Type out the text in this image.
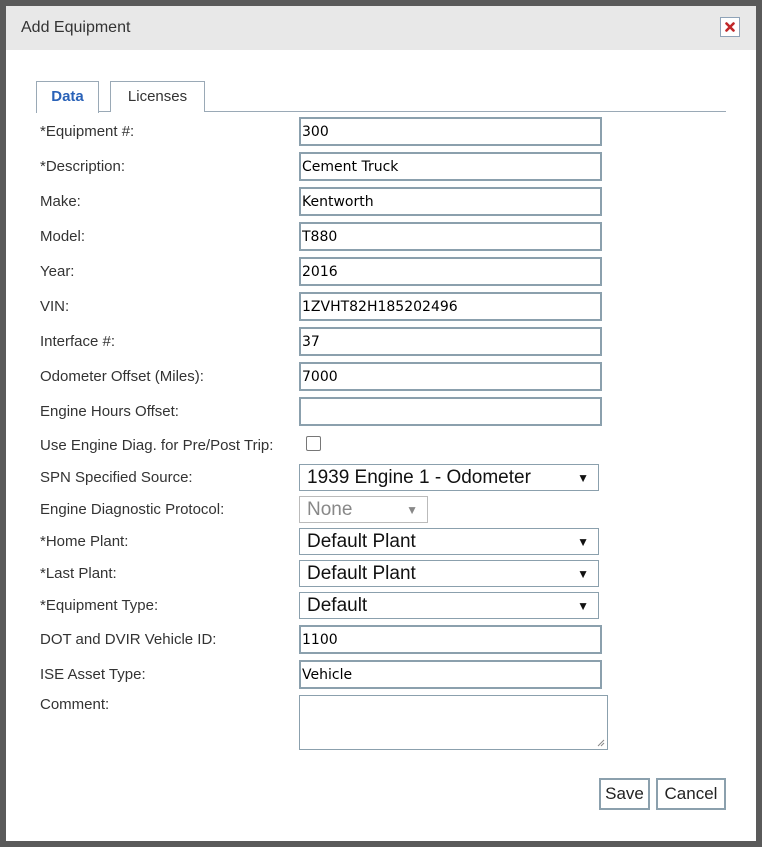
Add Equipment
Data	Licenses
*Equipment #:
300
*Description:
Cement Truck
Make:
Kentworth
Model:
T880
Year:
2016
VIN:
1ZVHT82H185202496
Interface #:
37
Odometer Offset (Miles):
7000
Engine Hours Offset:
Use Engine Diag. for Pre/Post Trip:
SPN Specified Source:	1939 Engine 1 - Odometer	▼
Engine Diagnostic Protocol:	None	▼
*Home Plant:	Default Plant	▼
*Last Plant:	Default Plant	▼
*Equipment Type:	Default	▼
DOT and DVIR Vehicle ID:
1100
ISE Asset Type:
Vehicle
Comment:
Save	Cancel
